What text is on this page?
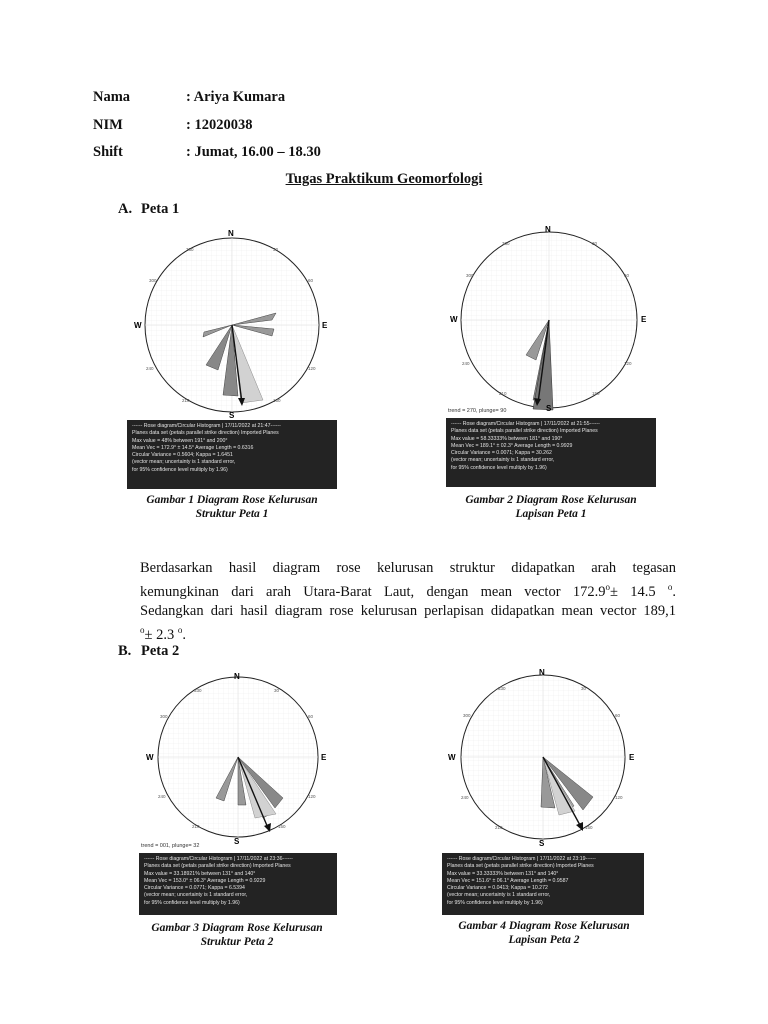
Nama	: Ariya Kumara
NIM	: 12020038
Shift	: Jumat, 16.00 – 18.30
Tugas Praktikum Geomorfologi
A. Peta 1
N
E
S
W
330	30
300	60
240	120
210	150
------ Rose diagram/Circular Histogram | 17/11/2022 at 21:47------
Planes data set (petals parallel strike direction) Imported Planes
Max value = 48% between 191° and 200°
Mean Vec = 172.9° ± 14.5° Average Length = 0.6316
Circular Variance = 0.5604; Kappa = 1.6451
(vector mean; uncertainty is 1 standard error,
for 95% confidence level multiply by 1.96)
Gambar 1 Diagram Rose Kelurusan
Struktur Peta 1
N
E
S
W
330	30
300	60
240	120
210	150
trend = 270, plunge= 90
------ Rose diagram/Circular Histogram | 17/11/2022 at 21:55------
Planes data set (petals parallel strike direction) Imported Planes
Max value = 58.33333% between 181° and 190°
Mean Vec = 189.1° ± 02.3° Average Length = 0.9929
Circular Variance = 0.0071; Kappa = 30.262
(vector mean; uncertainty is 1 standard error,
for 95% confidence level multiply by 1.96)
Gambar 2 Diagram Rose Kelurusan
Lapisan Peta 1
Berdasarkan hasil diagram rose kelurusan struktur didapatkan arah tegasan
kemungkinan dari arah Utara-Barat Laut, dengan mean vector $172.9^o\pm 14.5$ $^o$.
Sedangkan dari hasil diagram rose kelurusan perlapisan didapatkan mean vector 189,1
$^o$± 2.3 $^o$.
B. Peta 2
N
E
S
W
330	30
300	60
240	120
210	150
trend = 001, plunge= 32
------ Rose diagram/Circular Histogram | 17/11/2022 at 23:36------
Planes data set (petals parallel strike direction) Imported Planes
Max value = 33.18921% between 131° and 140°
Mean Vec = 153.0° ± 06.3° Average Length = 0.9229
Circular Variance = 0.0771; Kappa = 6.5394
(vector mean; uncertainty is 1 standard error,
for 95% confidence level multiply by 1.96)
Gambar 3 Diagram Rose Kelurusan
Struktur Peta 2
N
E
S
W
330	30
300	60
240	120
210	150
------ Rose diagram/Circular Histogram | 17/11/2022 at 23:19------
Planes data set (petals parallel strike direction) Imported Planes
Max value = 33.33333% between 131° and 140°
Mean Vec = 151.6° ± 06.1° Average Length = 0.9587
Circular Variance = 0.0413; Kappa = 10.272
(vector mean; uncertainty is 1 standard error,
for 95% confidence level multiply by 1.96)
Gambar 4 Diagram Rose Kelurusan
Lapisan Peta 2
